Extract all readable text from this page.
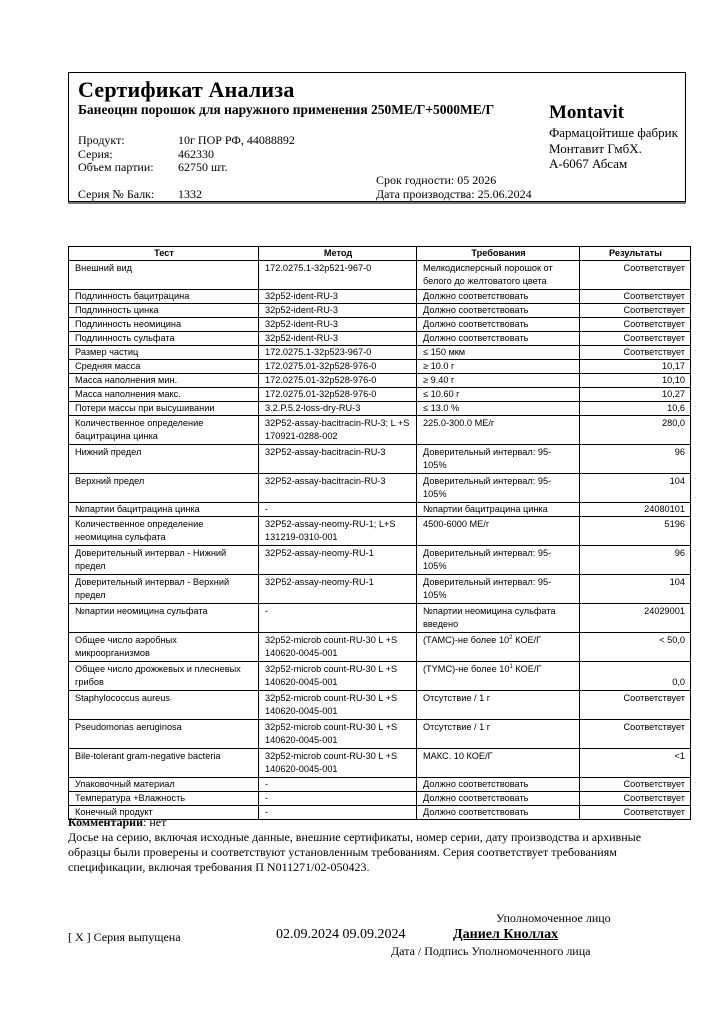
Сертификат Анализа
Банеоцин порошок для наружного применения 250МЕ/Г+5000МЕ/Г	Montavit
Фармацойтише фабрик
Монтавит ГмбХ.
А-6067 Абсам
Продукт:	10г ПОР РФ, 44088892
Серия:	462330
Объем партии:	62750 шт.
Серия № Балк:	1332
Срок годности: 05 2026
Дата производства: 25.06.2024
Тест	Метод	Требования	Результаты
Внешний вид	172.0275.1-32p521-967-0	Мелкодисперсный порошок от белого до желтоватого цвета	Соответствует
Подлинность бацитрацина	32p52-ident-RU-3	Должно соответствовать	Соответствует
Подлинность цинка	32p52-ident-RU-3	Должно соответствовать	Соответствует
Подлинность неомицина	32p52-ident-RU-3	Должно соответствовать	Соответствует
Подлинность сульфата	32p52-ident-RU-3	Должно соответствовать	Соответствует
Размер частиц	172.0275.1-32p523-967-0	≤ 150 мкм	Соответствует
Средняя масса	172.0275.01-32p528-976-0	≥ 10.0 г	10,17
Масса наполнения мин.	172.0275.01-32p528-976-0	≥ 9.40 г	10,10
Масса наполнения макс.	172.0275.01-32p528-976-0	≤ 10.60 г	10,27
Потери массы при высушивании	3.2.P.5.2-loss-dry-RU-3	≤ 13.0 %	10,6
Количественное определение бацитрацина цинка	32P52-assay-bacitracin-RU-3; L +S 170921-0288-002	225.0-300.0 МЕ/г	280,0
Нижний предел	32P52-assay-bacitracin-RU-3	Доверительный интервал: 95-105%	96
Верхний предел	32P52-assay-bacitracin-RU-3	Доверительный интервал: 95-105%	104
№партии бацитрацина цинка	-	№партии бацитрацина цинка	24080101
Количественное определение неомицина сульфата	32P52-assay-neomy-RU-1; L+S 131219-0310-001	4500-6000 МЕ/г	5196
Доверительный интервал - Нижний предел	32P52-assay-neomy-RU-1	Доверительный интервал: 95-105%	96
Доверительный интервал - Верхний предел	32P52-assay-neomy-RU-1	Доверительный интервал: 95-105%	104
№партии неомицина сульфата	-	№партии неомицина сульфата введено	24029001
Общее число аэробных микроорганизмов	32p52-microb count-RU-30 L +S 140620-0045-001	(ТАМС)-не более $10^2$ КОЕ/Г	< 50,0
Общее число дрожжевых и плесневых грибов	32p52-microb count-RU-30 L +S 140620-0045-001	(TYMC)-не более $10^1$ КОЕ/Г	0,0
Staphylococcus aureus	32p52-microb count-RU-30 L +S 140620-0045-001	Отсутствие / 1 г	Соответствует
Pseudomonas aeruginosa	32p52-microb count-RU-30 L +S 140620-0045-001	Отсутствие / 1 г	Соответствует
Bile-tolerant gram-negative bacteria	32p52-microb count-RU-30 L +S 140620-0045-001	МАКС. 10 КОЕ/Г	<1
Упаковочный материал	-	Должно соответствовать	Соответствует
Температура +Влажность	-	Должно соответствовать	Соответствует
Конечный продукт	-	Должно соответствовать	Соответствует
Комментарии: нет
Досье на серию, включая исходные данные, внешние сертификаты, номер серии, дату производства и архивные образцы были проверены и соответствуют установленным требованиям. Серия соответствует требованиям спецификации, включая требования П N011271/02-050423.
Уполномоченное лицо
[ X ] Серия выпущена	02.09.2024 09.09.2024	Даниел Кноллах
Дата / Подпись Уполномоченного лица
